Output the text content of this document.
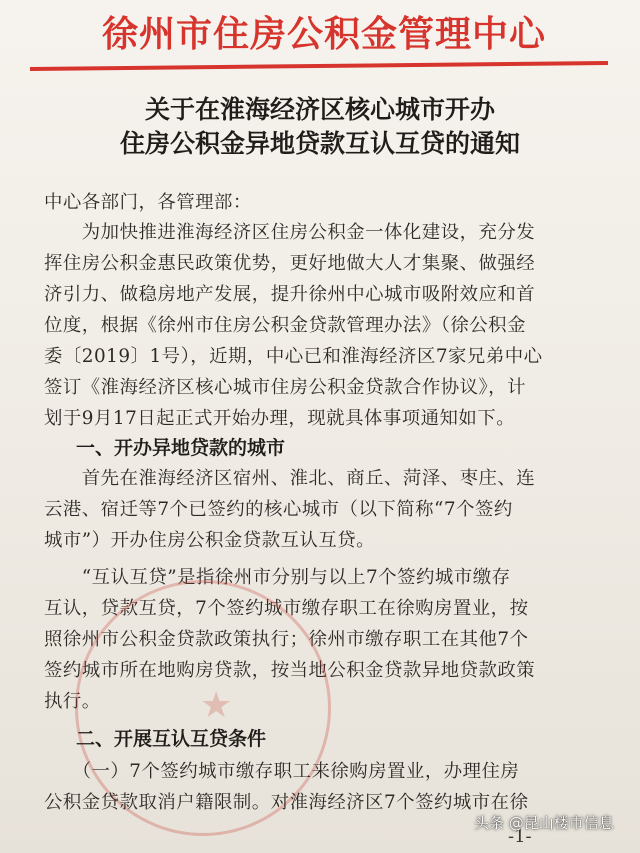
徐州市住房公积金管理中心
关于在淮海经济区核心城市开办
住房公积金异地贷款互认互贷的通知
中心各部门，各管理部：
　　为加快推进淮海经济区住房公积金一体化建设，充分发
挥住房公积金惠民政策优势，更好地做大人才集聚、做强经
济引力、做稳房地产发展，提升徐州中心城市吸附效应和首
位度，根据《徐州市住房公积金贷款管理办法》（徐公积金
委〔2019〕1号），近期，中心已和淮海经济区7家兄弟中心
签订《淮海经济区核心城市住房公积金贷款合作协议》，计
划于9月17日起正式开始办理，现就具体事项通知如下。
一、开办异地贷款的城市
　　首先在淮海经济区宿州、淮北、商丘、菏泽、枣庄、连
云港、宿迁等7个已签约的核心城市（以下简称“7个签约
城市”）开办住房公积金贷款互认互贷。
　　“互认互贷”是指徐州市分别与以上7个签约城市缴存
互认，贷款互贷，7个签约城市缴存职工在徐购房置业，按
照徐州市公积金贷款政策执行；徐州市缴存职工在其他7个
签约城市所在地购房贷款，按当地公积金贷款异地贷款政策
执行。	★
二、开展互认互贷条件
　　（一）7个签约城市缴存职工来徐购房置业，办理住房
公积金贷款取消户籍限制。对淮海经济区7个签约城市在徐
-1-
头条 @昆山楼市信息
